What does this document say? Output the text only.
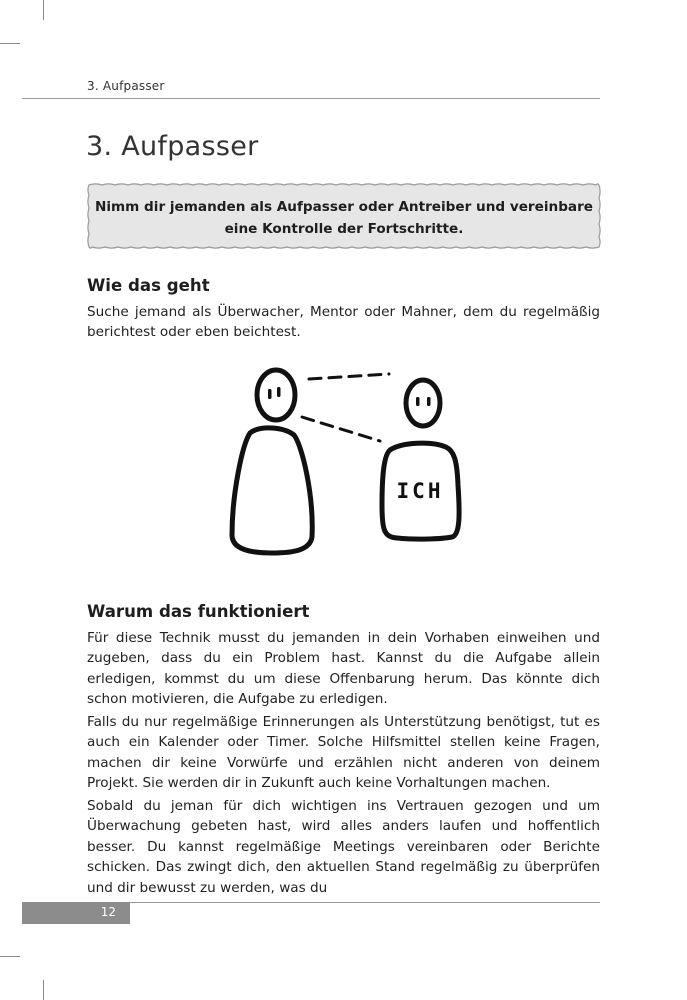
3. Aufpasser
3. Aufpasser
Nimm dir jemanden als Aufpasser oder Antreiber und vereinbare
eine Kontrolle der Fortschritte.
Wie das geht

Suche jemand als Überwacher, Mentor oder Mahner, dem du regelmäßig berichtest oder eben beichtest.

ICH
Warum das funktioniert

Für diese Technik musst du jemanden in dein Vorhaben einweihen und zugeben, dass du ein Problem hast. Kannst du die Aufgabe allein erledigen, kommst du um diese Offenbarung herum. Das könnte dich schon motivieren, die Aufgabe zu erledigen.

Falls du nur regelmäßige Erinnerungen als Unterstützung benötigst, tut es auch ein Kalender oder Timer. Solche Hilfsmittel stellen keine Fragen, machen dir keine Vorwürfe und erzählen nicht anderen von deinem Projekt. Sie werden dir in Zukunft auch keine Vorhaltungen machen.

Sobald du jeman für dich wichtigen ins Vertrauen gezogen und um Überwachung gebeten hast, wird alles anders laufen und hoffentlich besser. Du kannst regelmäßige Meetings vereinbaren oder Berichte schicken. Das zwingt dich, den aktuellen Stand regelmäßig zu überprüfen und dir bewusst zu werden, was du

12
